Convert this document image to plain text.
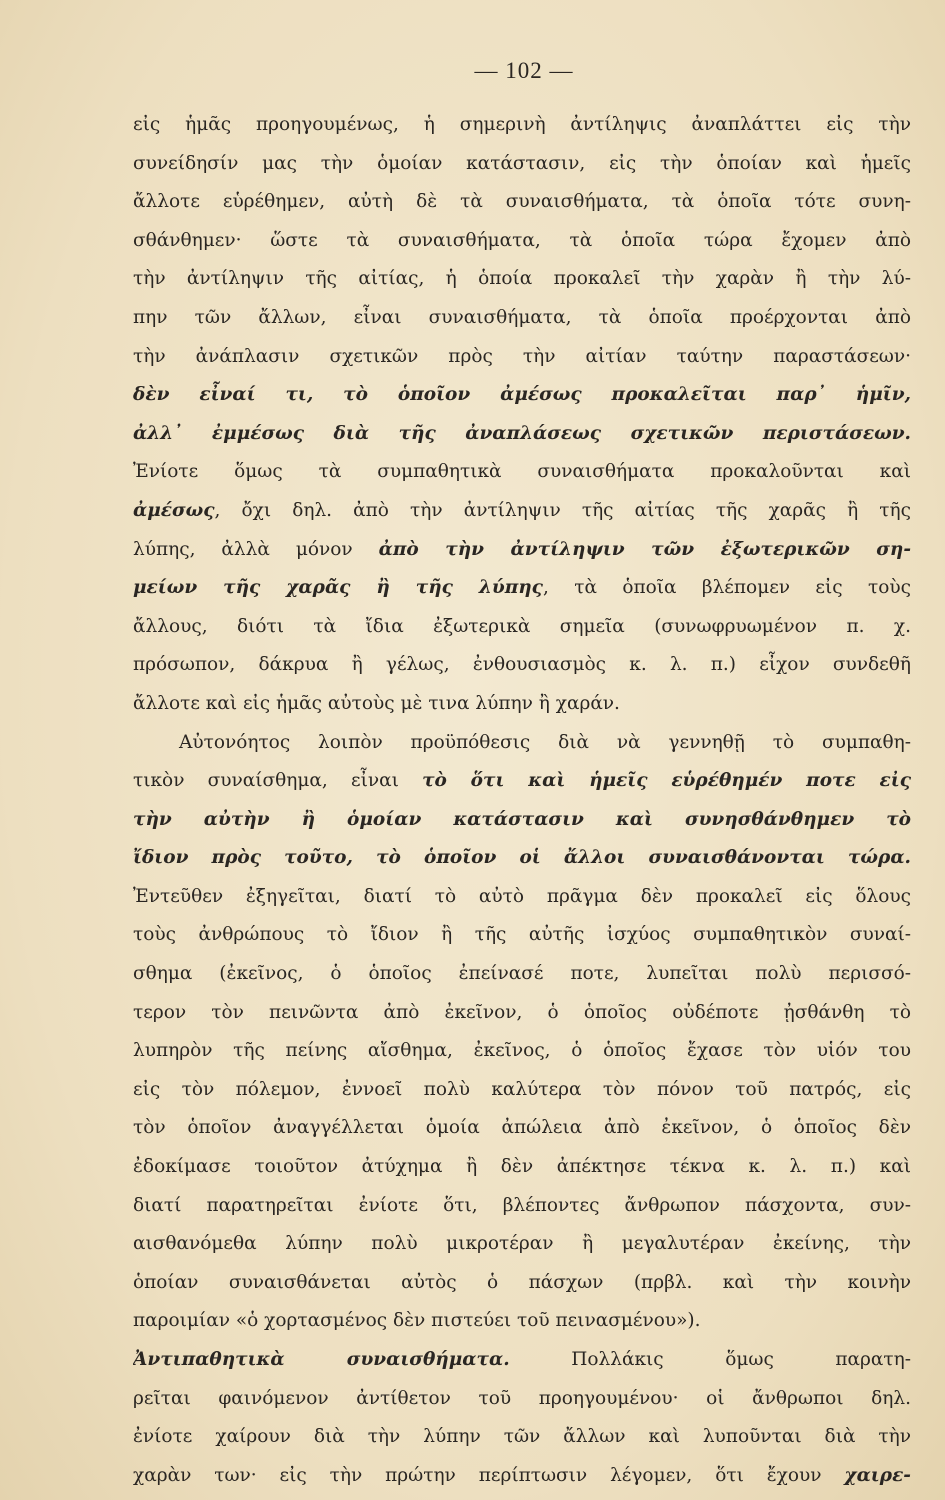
— 102 —
εἰς ἡμᾶς προηγουμένως, ἡ σημερινὴ ἀντίληψις ἀναπλάττει εἰς τὴν
συνείδησίν μας τὴν ὁμοίαν κατάστασιν, εἰς τὴν ὁποίαν καὶ ἡμεῖς
ἄλλοτε εὑρέθημεν, αὐτὴ δὲ τὰ συναισθήματα, τὰ ὁποῖα τότε συνη-
σθάνθημεν· ὥστε τὰ συναισθήματα, τὰ ὁποῖα τώρα ἔχομεν ἀπὸ
τὴν ἀντίληψιν τῆς αἰτίας, ἡ ὁποία προκαλεῖ τὴν χαρὰν ἢ τὴν λύ-
πην τῶν ἄλλων, εἶναι συναισθήματα, τὰ ὁποῖα προέρχονται ἀπὸ
τὴν ἀνάπλασιν σχετικῶν πρὸς τὴν αἰτίαν ταύτην παραστάσεων·
δὲν εἶναί τι, τὸ ὁποῖον ἀμέσως προκαλεῖται παρ᾽ ἡμῖν,
ἀλλ᾽ ἐμμέσως διὰ τῆς ἀναπλάσεως σχετικῶν περιστάσεων.
Ἐνίοτε ὅμως τὰ συμπαθητικὰ συναισθήματα προκαλοῦνται καὶ
ἀμέσως, ὄχι δηλ. ἀπὸ τὴν ἀντίληψιν τῆς αἰτίας τῆς χαρᾶς ἢ τῆς
λύπης, ἀλλὰ μόνον ἀπὸ τὴν ἀντίληψιν τῶν ἐξωτερικῶν ση-
μείων τῆς χαρᾶς ἢ τῆς λύπης, τὰ ὁποῖα βλέπομεν εἰς τοὺς
ἄλλους, διότι τὰ ἴδια ἐξωτερικὰ σημεῖα (συνωφρυωμένον π. χ.
πρόσωπον, δάκρυα ἢ γέλως, ἐνθουσιασμὸς κ. λ. π.) εἶχον συνδεθῆ
ἄλλοτε καὶ εἰς ἡμᾶς αὐτοὺς μὲ τινα λύπην ἢ χαράν.
Αὐτονόητος λοιπὸν προϋπόθεσις διὰ νὰ γεννηθῇ τὸ συμπαθη-
τικὸν συναίσθημα, εἶναι τὸ ὅτι καὶ ἡμεῖς εὑρέθημέν ποτε εἰς
τὴν αὐτὴν ἢ ὁμοίαν κατάστασιν καὶ συνησθάνθημεν τὸ
ἴδιον πρὸς τοῦτο, τὸ ὁποῖον οἱ ἄλλοι συναισθάνονται τώρα.
Ἐντεῦθεν ἐξηγεῖται, διατί τὸ αὐτὸ πρᾶγμα δὲν προκαλεῖ εἰς ὅλους
τοὺς ἀνθρώπους τὸ ἴδιον ἢ τῆς αὐτῆς ἰσχύος συμπαθητικὸν συναί-
σθημα (ἐκεῖνος, ὁ ὁποῖος ἐπείνασέ ποτε, λυπεῖται πολὺ περισσό-
τερον τὸν πεινῶντα ἀπὸ ἐκεῖνον, ὁ ὁποῖος οὐδέποτε ᾐσθάνθη τὸ
λυπηρὸν τῆς πείνης αἴσθημα, ἐκεῖνος, ὁ ὁποῖος ἔχασε τὸν υἱόν του
εἰς τὸν πόλεμον, ἐννοεῖ πολὺ καλύτερα τὸν πόνον τοῦ πατρός, εἰς
τὸν ὁποῖον ἀναγγέλλεται ὁμοία ἀπώλεια ἀπὸ ἐκεῖνον, ὁ ὁποῖος δὲν
ἐδοκίμασε τοιοῦτον ἀτύχημα ἢ δὲν ἀπέκτησε τέκνα κ. λ. π.) καὶ
διατί παρατηρεῖται ἐνίοτε ὅτι, βλέποντες ἄνθρωπον πάσχοντα, συν-
αισθανόμεθα λύπην πολὺ μικροτέραν ἢ μεγαλυτέραν ἐκείνης, τὴν
ὁποίαν συναισθάνεται αὐτὸς ὁ πάσχων (πρβλ. καὶ τὴν κοινὴν
παροιμίαν «ὁ χορτασμένος δὲν πιστεύει τοῦ πεινασμένου»).
Ἀντιπαθητικὰ συναισθήματα. Πολλάκις ὅμως παρατη-
ρεῖται φαινόμενον ἀντίθετον τοῦ προηγουμένου· οἱ ἄνθρωποι δηλ.
ἐνίοτε χαίρουν διὰ τὴν λύπην τῶν ἄλλων καὶ λυποῦνται διὰ τὴν
χαρὰν των· εἰς τὴν πρώτην περίπτωσιν λέγομεν, ὅτι ἔχουν χαιρε-
